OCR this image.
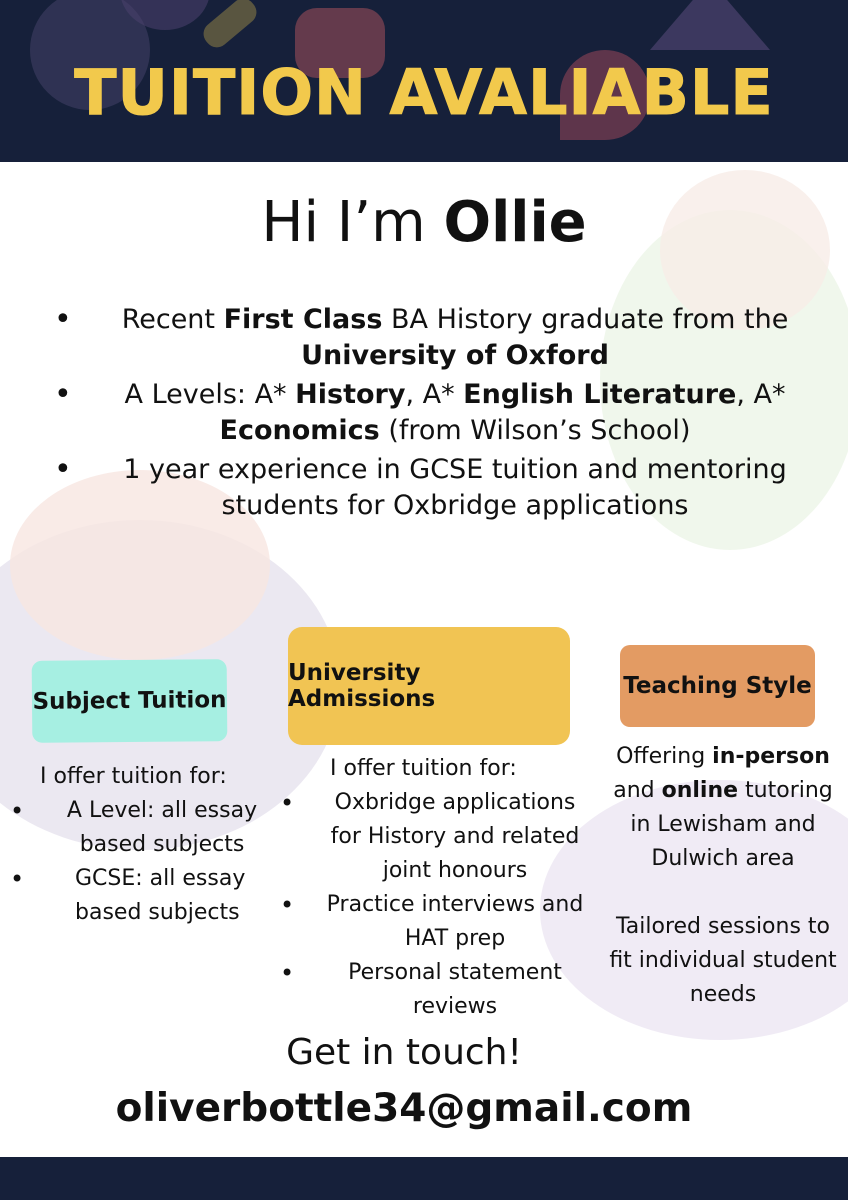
TUITION AVALIABLE
Hi I’m Ollie
• Recent First Class BA History graduate from the University of Oxford
• A Levels: A* History, A* English Literature, A* Economics (from Wilson’s School)
• 1 year experience in GCSE tuition and mentoring students for Oxbridge applications
Subject Tuition
University Admissions	Teaching Style
I offer tuition for:
• A Level: all essay
based subjects
• GCSE: all essay
based subjects
I offer tuition for:
• Oxbridge applications
for History and related
joint honours
• Practice interviews and
HAT prep
• Personal statement
reviews
Offering in-person
and online tutoring
in Lewisham and
Dulwich area
Tailored sessions to
fit individual student
needs
Get in touch!
oliverbottle34@gmail.com
